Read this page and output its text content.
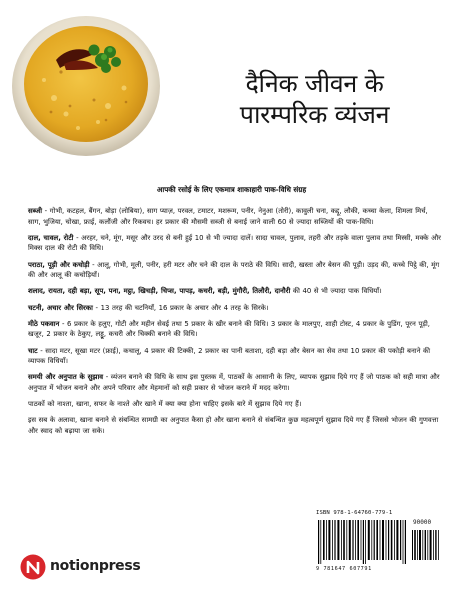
दैनिक जीवन के
पारम्परिक व्यंजन
आपकी रसोई के लिए एकमात्र शाकाहारी पाक-विधि संग्रह

सब्जी - गोभी, कटहल, बैंगन, बोड़ा (लोबिया), साग प्याज़, परवल, टमाटर, मशरूम, पनीर, नेनुआ (तोरी), कावुली चना, कद्दू, लौकी, कच्चा केला, शिमला मिर्च, साग, भुजिया, चोखा, फ्राई, कलौंजी और रिकवच। हर प्रकार की मौसमी सब्जी से बनाई जाने वाली 60 से ज्यादा सब्जियों की पाक-विधि।

दाल, चावल, रोटी - अरहर, चने, मूंग, मसूर और उरद से बनी हुई 10 से भी ज्यादा दालें। सादा चावल, पुलाव, तहरी और तड़के वाला पुलाव तथा मिस्सी, मक्के और मिक्स दाल की रोटी की विधि।

पराठा, पूड़ी और कचोड़ी - आलू, गोभी, मूली, पनीर, हरी मटर और चने की दाल के पराठे की विधि। सादी, खस्ता और बेसन की पूड़ी। उड़द की, कच्चे पिट्ठे की, मूंग की और आलू की कचोड़ियाँ।

शलाद, रायता, दही बड़ा, सूप, पना, मट्ठा, खिचड़ी, चिप्स, पापड़, कचरी, बड़ी, मुंगौरी, तिलौरी, दानौरी की 40 से भी ज्यादा पाक विधियाँ।

चटनी, अचार और सिरका - 13 तरह की चटनियाँ, 16 प्रकार के अचार और 4 तरह के सिरके।

मीठे पकवान - 6 प्रकार के हलुए, गोटी और महीन सेवई तथा 5 प्रकार के खीर बनाने की विधि। 3 प्रकार के मालपुए, शाही टोस्ट, 4 प्रकार के पुडिंग, पूरन पूड़ी, खजूर, 2 प्रकार के ठेकुए, लड्डू, कचरी और चिक्की बनाने की विधि।

चाट - सादा मटर, सूखा मटर (फ्राई), कचालू, 4 प्रकार की टिक्की, 2 प्रकार का पानी बताशा, दही बड़ा और बेसन का सेव तथा 10 प्रकार की पकोड़ी बनाने की व्यापक विधियाँ।

समयी और अनुपात के सुझाव - व्यंजन बनाने की विधि के साथ इस पुस्तक में, पाठकों के आसानी के लिए, व्यापक सुझाव दिये गए हैं जो पाठक को सही मात्रा और अनुपात में भोजन बनाने और अपने परिवार और मेहमानों को सही प्रकार से भोजन कराने में मदद करेगा।

पाठकों को नाश्ता, खाना, सफर के नाश्ते और खाने में क्या क्या होना चाहिए इसके बारे में सुझाव दिये गए हैं।

इस सब के अलावा, खाना बनाने से संबन्धित सामग्री का अनुपात कैसा हो और खाना बनाने से संबन्धित कुछ महत्वपूर्ण सुझाव दिये गए हैं जिससे भोजन की गुणवत्ता और स्वाद को बढ़ाया जा सके।

ISBN 978-1-64760-779-1
90000
9 781647 607791
notionpress
